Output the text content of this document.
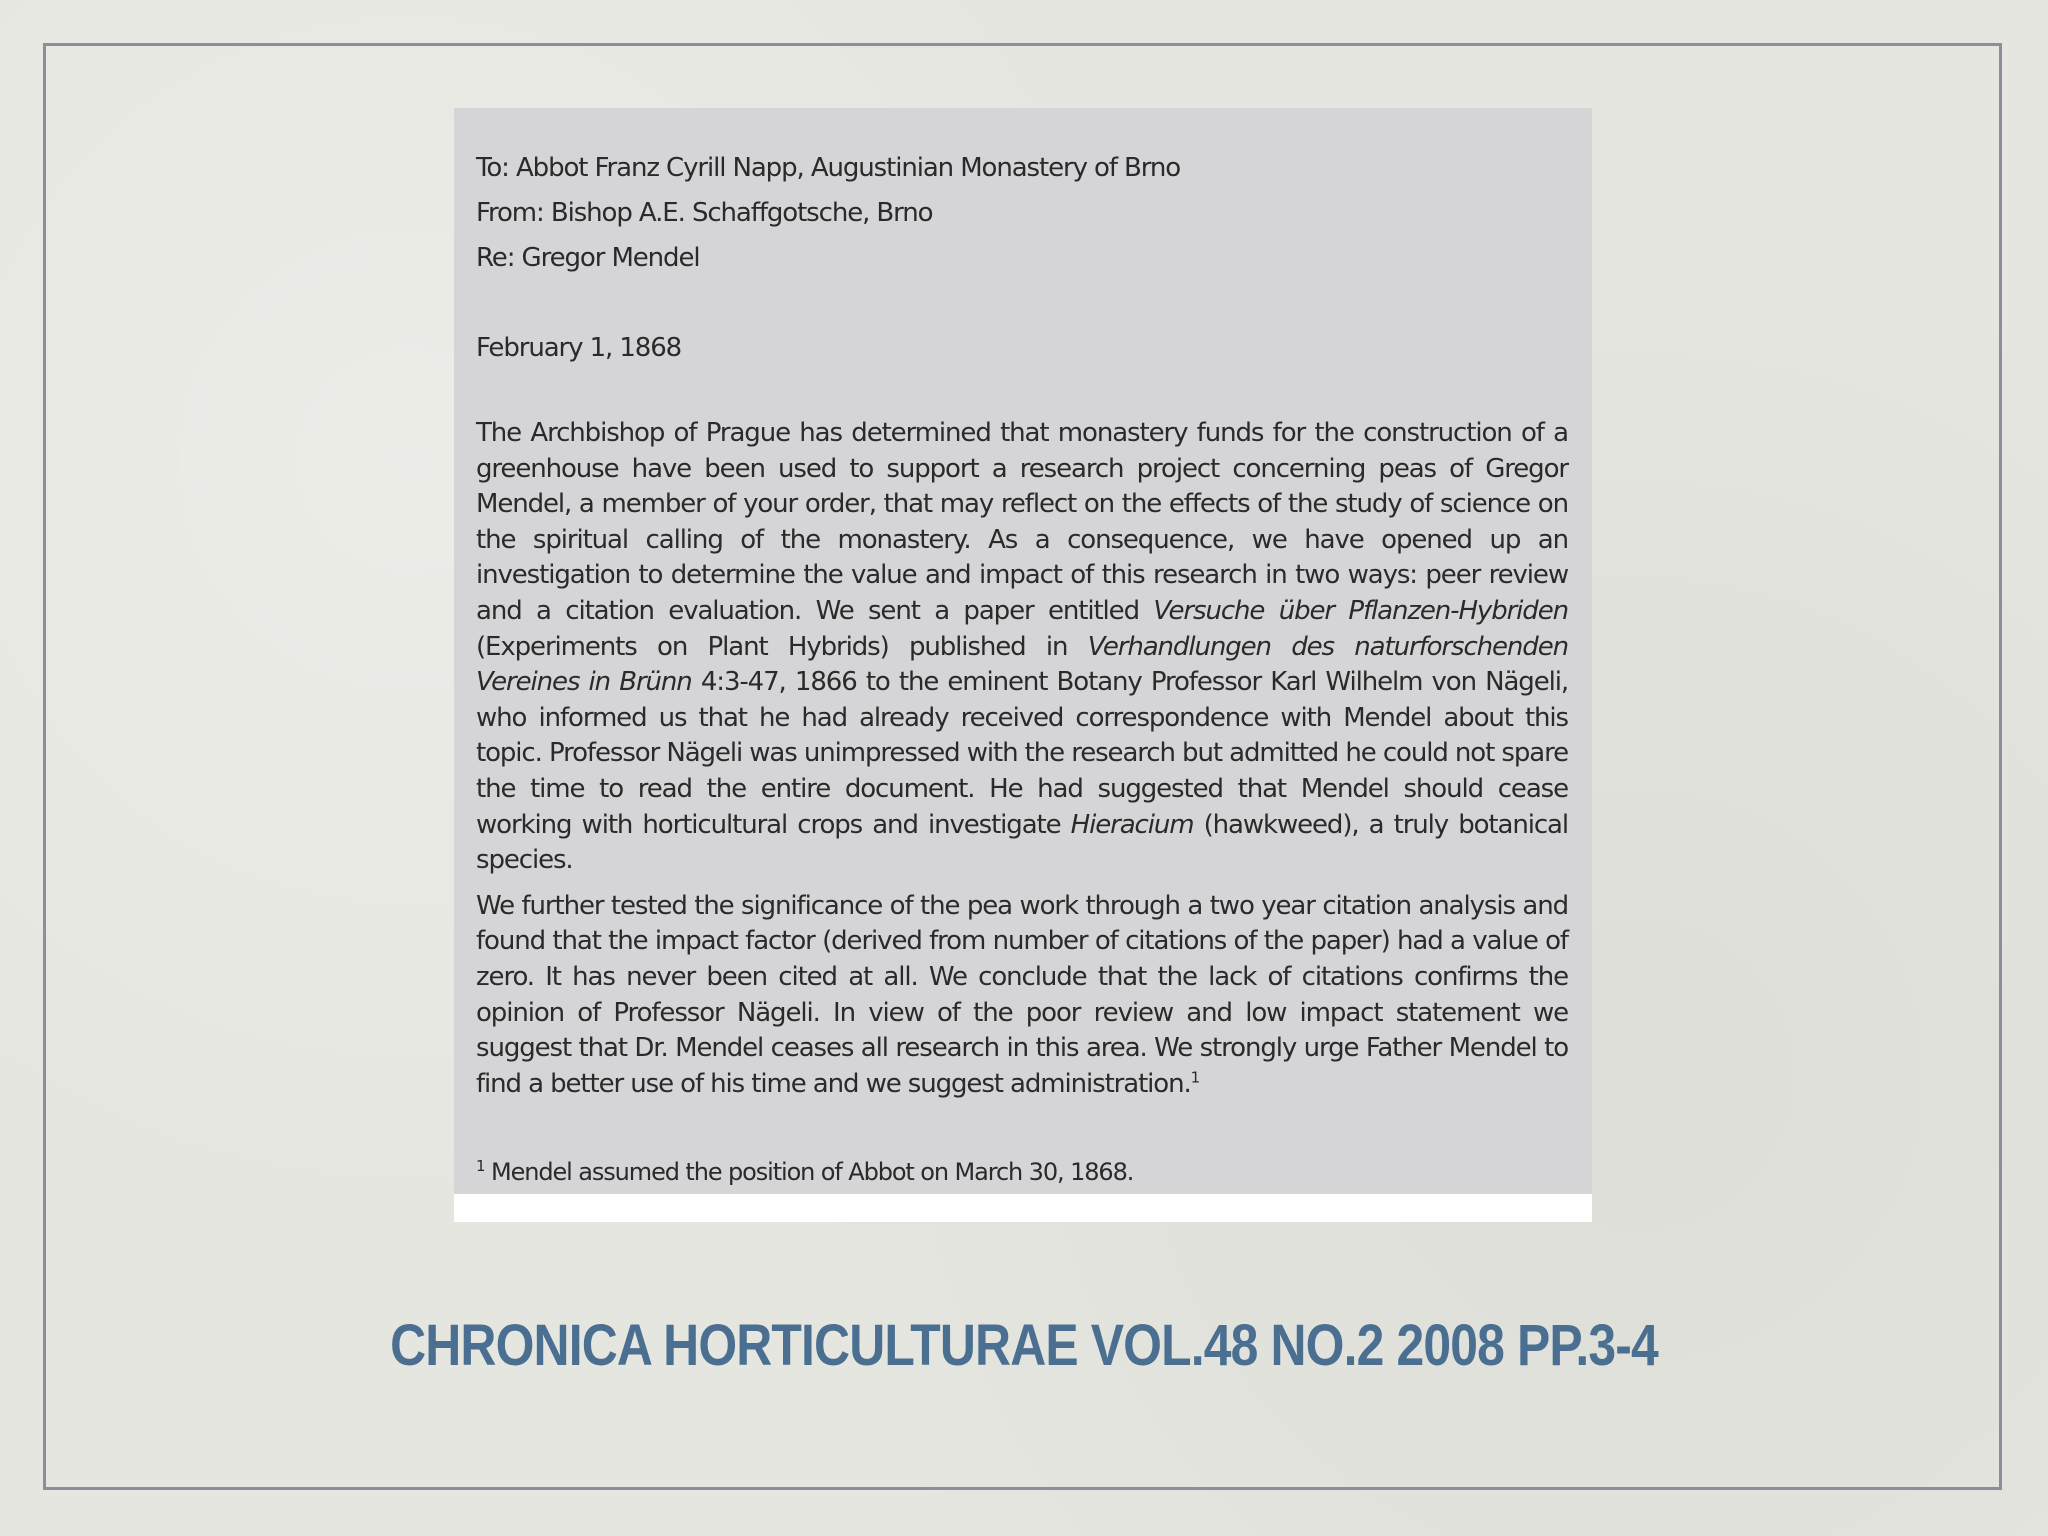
To: Abbot Franz Cyrill Napp, Augustinian Monastery of Brno
From: Bishop A.E. Schaffgotsche, Brno
Re: Gregor Mendel
February 1, 1868

The Archbishop of Prague has determined that monastery funds for the construction of a greenhouse have been used to support a research project concerning peas of Gregor Mendel, a member of your order, that may reflect on the effects of the study of science on the spiritual calling of the monastery. As a consequence, we have opened up an investigation to determine the value and impact of this research in two ways: peer review and a citation evaluation. We sent a paper entitled Versuche über Pflanzen-Hybriden (Experiments on Plant Hybrids) published in Verhandlungen des naturforschenden Vereines in Brünn 4:3-47, 1866 to the eminent Botany Professor Karl Wilhelm von Nägeli, who informed us that he had already received correspondence with Mendel about this topic. Professor Nägeli was unimpressed with the research but admitted he could not spare the time to read the entire document. He had suggested that Mendel should cease working with horticultural crops and investigate Hieracium (hawkweed), a truly botanical species.

We further tested the significance of the pea work through a two year citation analysis and found that the impact factor (derived from number of citations of the paper) had a value of zero. It has never been cited at all. We conclude that the lack of citations confirms the opinion of Professor Nägeli. In view of the poor review and low impact statement we suggest that Dr. Mendel ceases all research in this area. We strongly urge Father Mendel to find a better use of his time and we suggest administration.$^1$

$^1$ Mendel assumed the position of Abbot on March 30, 1868.
CHRONICA HORTICULTURAE VOL.48 NO.2 2008 PP.3-4
